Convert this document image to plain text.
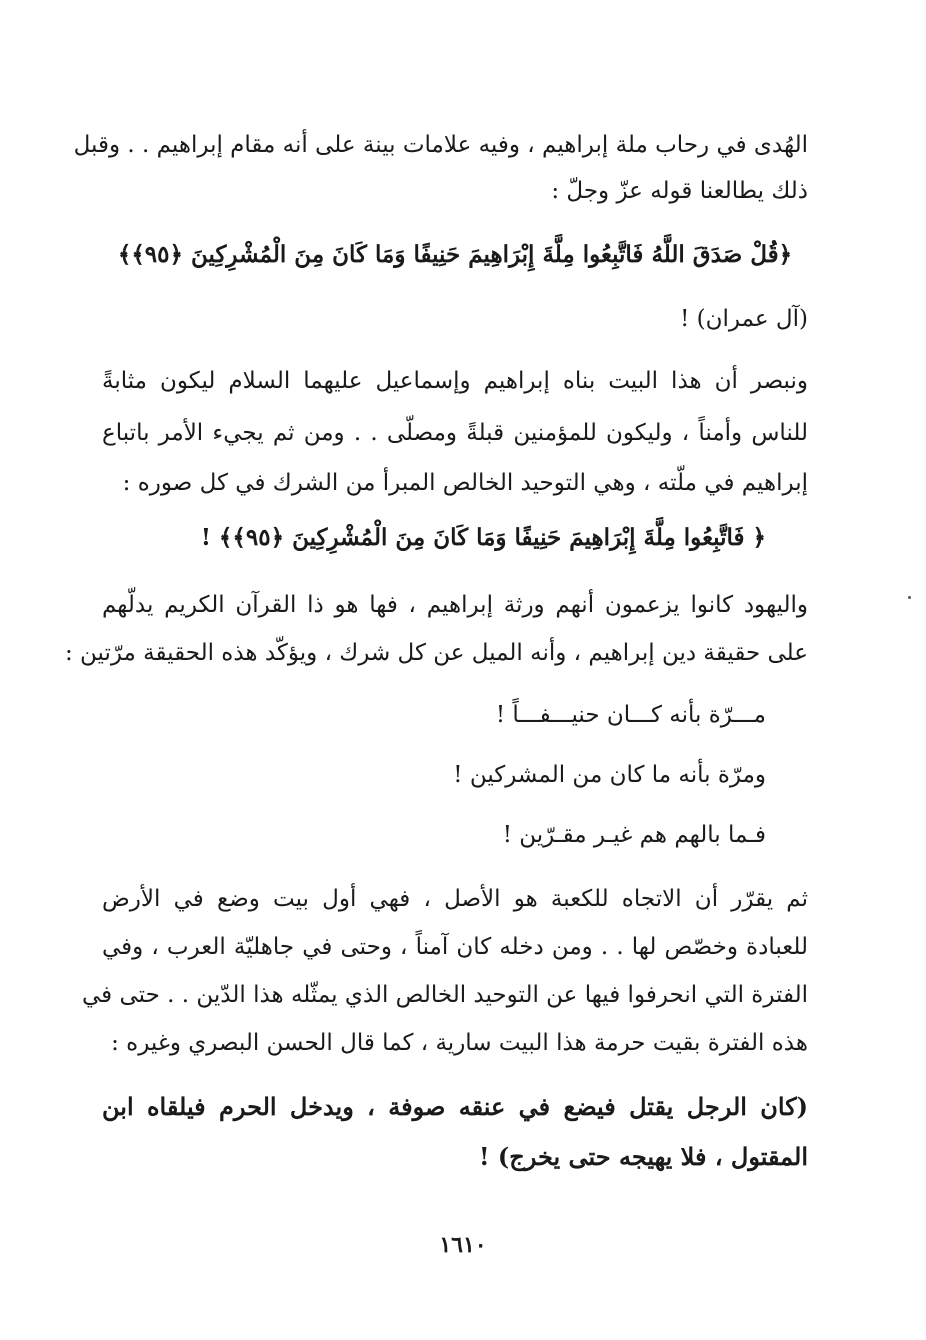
الهُدى في رحاب ملة إبراهيم ، وفيه علامات بينة على أنه مقام إبراهيم . . وقبل

ذلك يطالعنا قوله عزّ وجلّ :

﴿قُلْ صَدَقَ اللَّهُ فَاتَّبِعُوا مِلَّةَ إِبْرَاهِيمَ حَنِيفًا وَمَا كَانَ مِنَ الْمُشْرِكِينَ ﴿٩٥﴾﴾

(آل عمران) !

ونبصر أن هذا البيت بناه إبراهيم وإسماعيل عليهما السلام ليكون مثابةً

للناس وأمناً ، وليكون للمؤمنين قبلةً ومصلّى . . ومن ثم يجيء الأمر باتباع

إبراهيم في ملّته ، وهي التوحيد الخالص المبرأ من الشرك في كل صوره :

﴿ فَاتَّبِعُوا مِلَّةَ إِبْرَاهِيمَ حَنِيفًا وَمَا كَانَ مِنَ الْمُشْرِكِينَ ﴿٩٥﴾﴾ !

واليهود كانوا يزعمون أنهم ورثة إبراهيم ، فها هو ذا القرآن الكريم يدلّهم

على حقيقة دين إبراهيم ، وأنه الميل عن كل شرك ، ويؤكّد هذه الحقيقة مرّتين :

مـــرّة بأنه كـــان حنيـــفـــاً !

ومرّة بأنه ما كان من المشركين !

فـما بالهم هم غيـر مقـرّين !

ثم يقرّر أن الاتجاه للكعبة هو الأصل ، فهي أول بيت وضع في الأرض

للعبادة وخصّص لها . . ومن دخله كان آمناً ، وحتى في جاهليّة العرب ، وفي

الفترة التي انحرفوا فيها عن التوحيد الخالص الذي يمثّله هذا الدّين . . حتى في

هذه الفترة بقيت حرمة هذا البيت سارية ، كما قال الحسن البصري وغيره :

(كان الرجل يقتل فيضع في عنقه صوفة ، ويدخل الحرم فيلقاه ابن

المقتول ، فلا يهيجه حتى يخرج) !

١٦١٠
